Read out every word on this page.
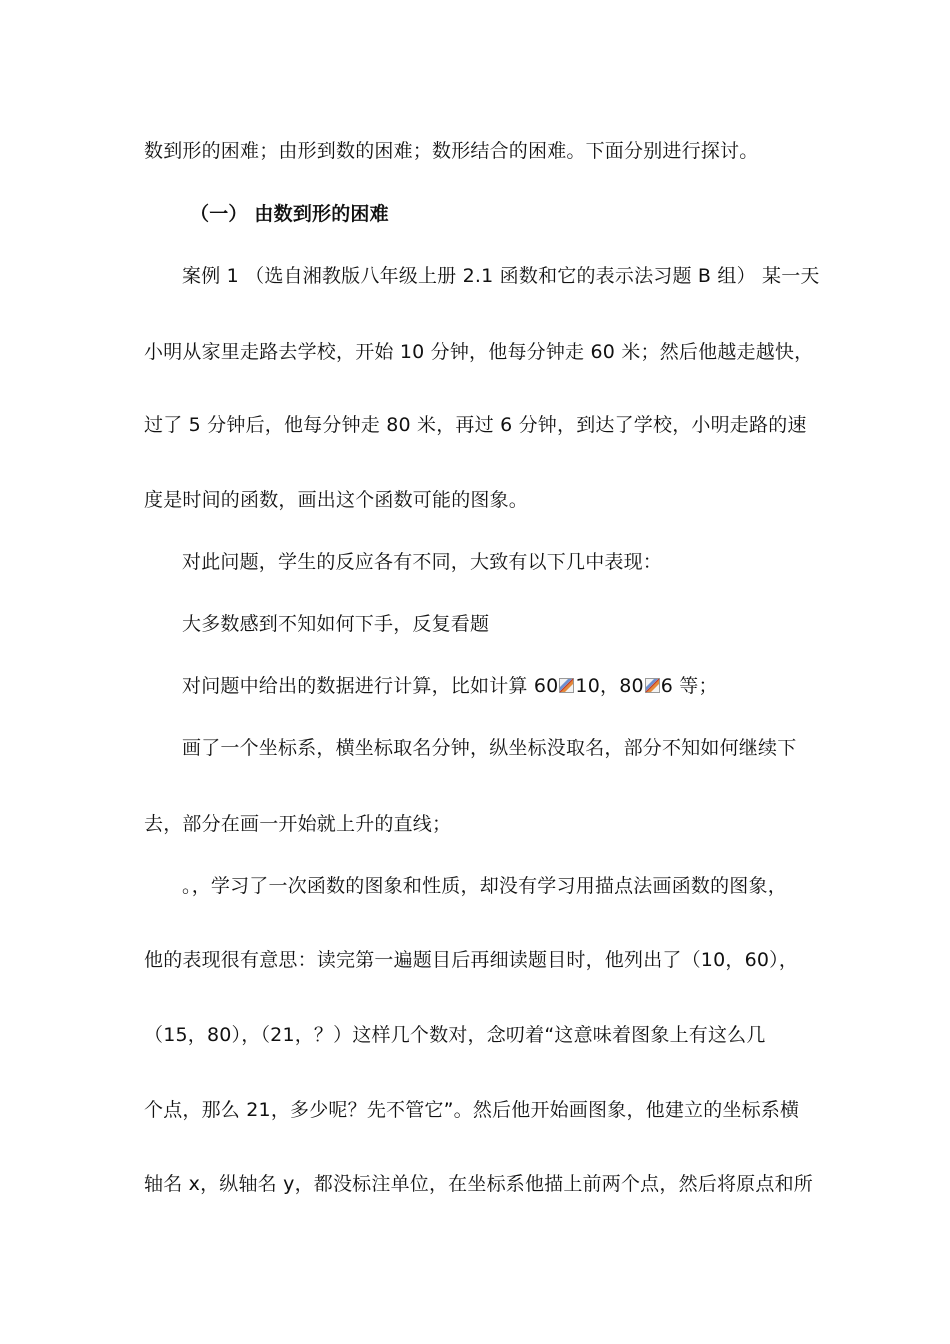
数到形的困难；由形到数的困难；数形结合的困难。下面分别进行探讨。
（一） 由数到形的困难
案例 1 （选自湘教版八年级上册 2.1 函数和它的表示法习题 B 组） 某一天
小明从家里走路去学校，开始 10 分钟，他每分钟走 60 米；然后他越走越快，
过了 5 分钟后，他每分钟走 80 米，再过 6 分钟，到达了学校，小明走路的速
度是时间的函数，画出这个函数可能的图象。
对此问题，学生的反应各有不同，大致有以下几中表现：
大多数感到不知如何下手，反复看题
对问题中给出的数据进行计算，比如计算 60 10，80 6 等；
画了一个坐标系，横坐标取名分钟，纵坐标没取名，部分不知如何继续下
去，部分在画一开始就上升的直线；
。，学习了一次函数的图象和性质，却没有学习用描点法画函数的图象，
他的表现很有意思：读完第一遍题目后再细读题目时，他列出了（10，60），
（15，80），（21，？）这样几个数对，念叨着“这意味着图象上有这么几
个点，那么 21，多少呢？先不管它”。然后他开始画图象，他建立的坐标系横
轴名 x，纵轴名 y，都没标注单位，在坐标系他描上前两个点，然后将原点和所
